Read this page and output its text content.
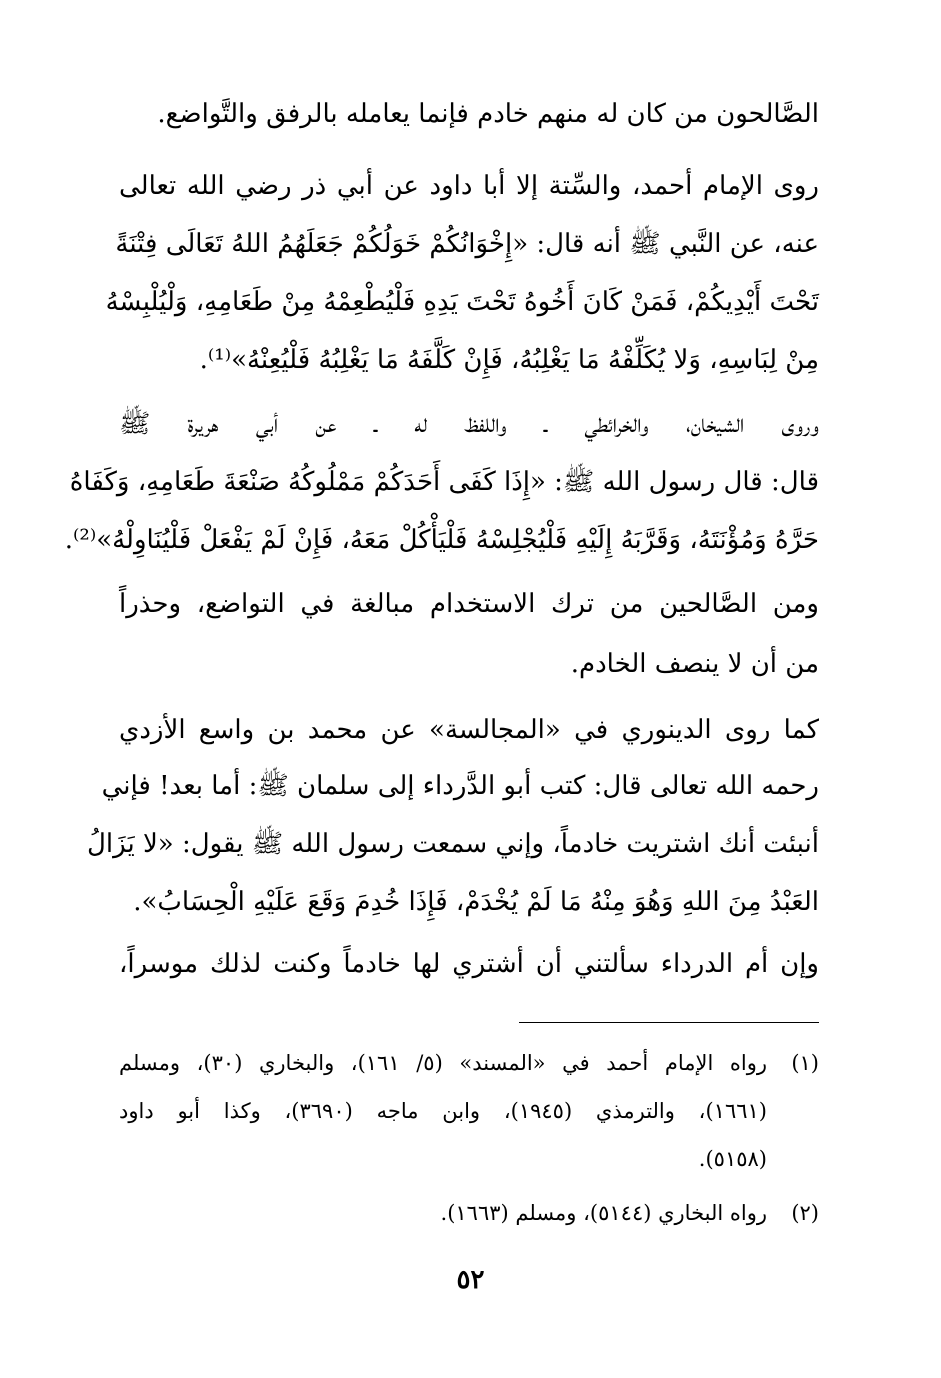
الصَّالحون من كان له منهم خادم فإنما يعامله بالرفق والتَّواضع.
روى الإمام أحمد، والسِّتة إلا أبا داود عن أبي ذر رضي الله تعالى
عنه، عن النَّبي ﷺ أنه قال: «إِخْوَانُكُمْ خَوَلُكُمْ جَعَلَهُمُ اللهُ تَعَالَى فِتْنَةً
تَحْتَ أَيْدِيكُمْ، فَمَنْ كَانَ أَخُوهُ تَحْتَ يَدِهِ فَلْيُطْعِمْهُ مِنْ طَعَامِهِ، وَلْيُلْبِسْهُ
مِنْ لِبَاسِهِ، وَلا يُكَلِّفْهُ مَا يَغْلِبُهُ، فَإِنْ كَلَّفَهُ مَا يَغْلِبُهُ فَلْيُعِنْهُ»⁽¹⁾.
وروى الشيخان، والخرائطي ـ واللفظ له ـ عن أبي هريرة ﷺ
قال: قال رسول الله ﷺ: «إِذَا كَفَى أَحَدَكُمْ مَمْلُوكُهُ صَنْعَةَ طَعَامِهِ، وَكَفَاهُ
حَرَّهُ وَمُؤْنَتَهُ، وَقَرَّبَهُ إِلَيْهِ فَلْيُجْلِسْهُ فَلْيَأْكُلْ مَعَهُ، فَإِنْ لَمْ يَفْعَلْ فَلْيُنَاوِلْهُ»⁽²⁾.
ومن الصَّالحين من ترك الاستخدام مبالغة في التواضع، وحذراً
من أن لا ينصف الخادم.
كما روى الدينوري في «المجالسة» عن محمد بن واسع الأزدي
رحمه الله تعالى قال: كتب أبو الدَّرداء إلى سلمان ﷺ: أما بعد! فإني
أنبئت أنك اشتريت خادماً، وإني سمعت رسول الله ﷺ يقول: «لا يَزَالُ
العَبْدُ مِنَ اللهِ وَهُوَ مِنْهُ مَا لَمْ يُخْدَمْ، فَإِذَا خُدِمَ وَقَعَ عَلَيْهِ الْحِسَابُ».
وإن أم الدرداء سألتني أن أشتري لها خادماً وكنت لذلك موسراً،
(١)رواه الإمام أحمد في «المسند» (٥/ ١٦١)، والبخاري (٣٠)، ومسلم
(١٦٦١)، والترمذي (١٩٤٥)، وابن ماجه (٣٦٩٠)، وكذا أبو داود
(٥١٥٨).
(٢)رواه البخاري (٥١٤٤)، ومسلم (١٦٦٣).
٥٢
